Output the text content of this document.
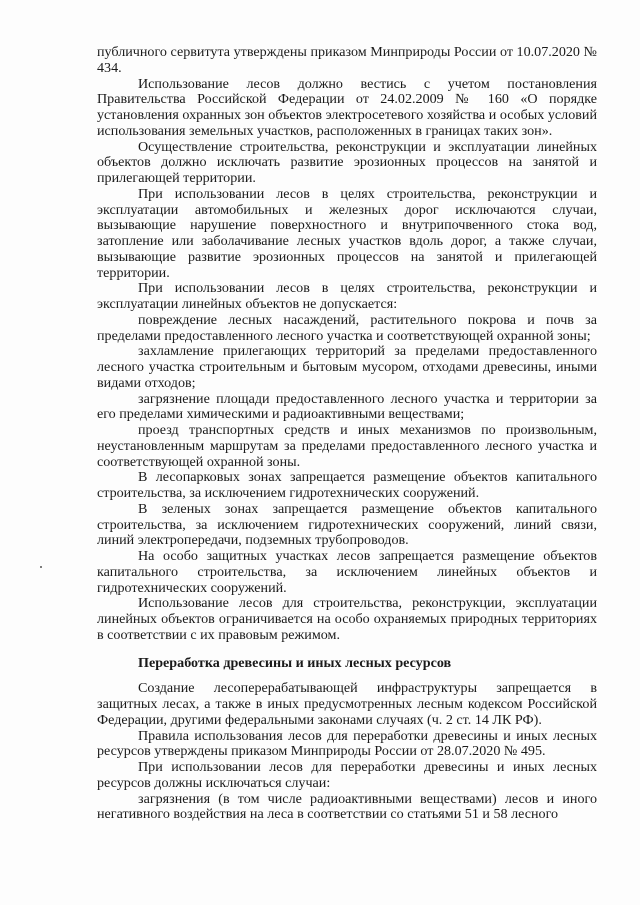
публичного сервитута утверждены приказом Минприроды России от 10.07.2020 № 434.

Использование лесов должно вестись с учетом постановления Правительства Российской Федерации от 24.02.2009 № 160 «О порядке установления охранных зон объектов электросетевого хозяйства и особых условий использования земельных участков, расположенных в границах таких зон».

Осуществление строительства, реконструкции и эксплуатации линейных объектов должно исключать развитие эрозионных процессов на занятой и прилегающей территории.

При использовании лесов в целях строительства, реконструкции и эксплуатации автомобильных и железных дорог исключаются случаи, вызывающие нарушение поверхностного и внутрипочвенного стока вод, затопление или заболачивание лесных участков вдоль дорог, а также случаи, вызывающие развитие эрозионных процессов на занятой и прилегающей территории.

При использовании лесов в целях строительства, реконструкции и эксплуатации линейных объектов не допускается:

повреждение лесных насаждений, растительного покрова и почв за пределами предоставленного лесного участка и соответствующей охранной зоны;

захламление прилегающих территорий за пределами предоставленного лесного участка строительным и бытовым мусором, отходами древесины, иными видами отходов;

загрязнение площади предоставленного лесного участка и территории за его пределами химическими и радиоактивными веществами;

проезд транспортных средств и иных механизмов по произвольным, неустановленным маршрутам за пределами предоставленного лесного участка и соответствующей охранной зоны.

В лесопарковых зонах запрещается размещение объектов капитального строительства, за исключением гидротехнических сооружений.

В зеленых зонах запрещается размещение объектов капитального строительства, за исключением гидротехнических сооружений, линий связи, линий электропередачи, подземных трубопроводов.

На особо защитных участках лесов запрещается размещение объектов капитального строительства, за исключением линейных объектов и гидротехнических сооружений.

Использование лесов для строительства, реконструкции, эксплуатации линейных объектов ограничивается на особо охраняемых природных территориях в соответствии с их правовым режимом.

Переработка древесины и иных лесных ресурсов

Создание лесоперерабатывающей инфраструктуры запрещается в защитных лесах, а также в иных предусмотренных лесным кодексом Российской Федерации, другими федеральными законами случаях (ч. 2 ст. 14 ЛК РФ).

Правила использования лесов для переработки древесины и иных лесных ресурсов утверждены приказом Минприроды России от 28.07.2020 № 495.

При использовании лесов для переработки древесины и иных лесных ресурсов должны исключаться случаи:

загрязнения (в том числе радиоактивными веществами) лесов и иного негативного воздействия на леса в соответствии со статьями 51 и 58 лесного
